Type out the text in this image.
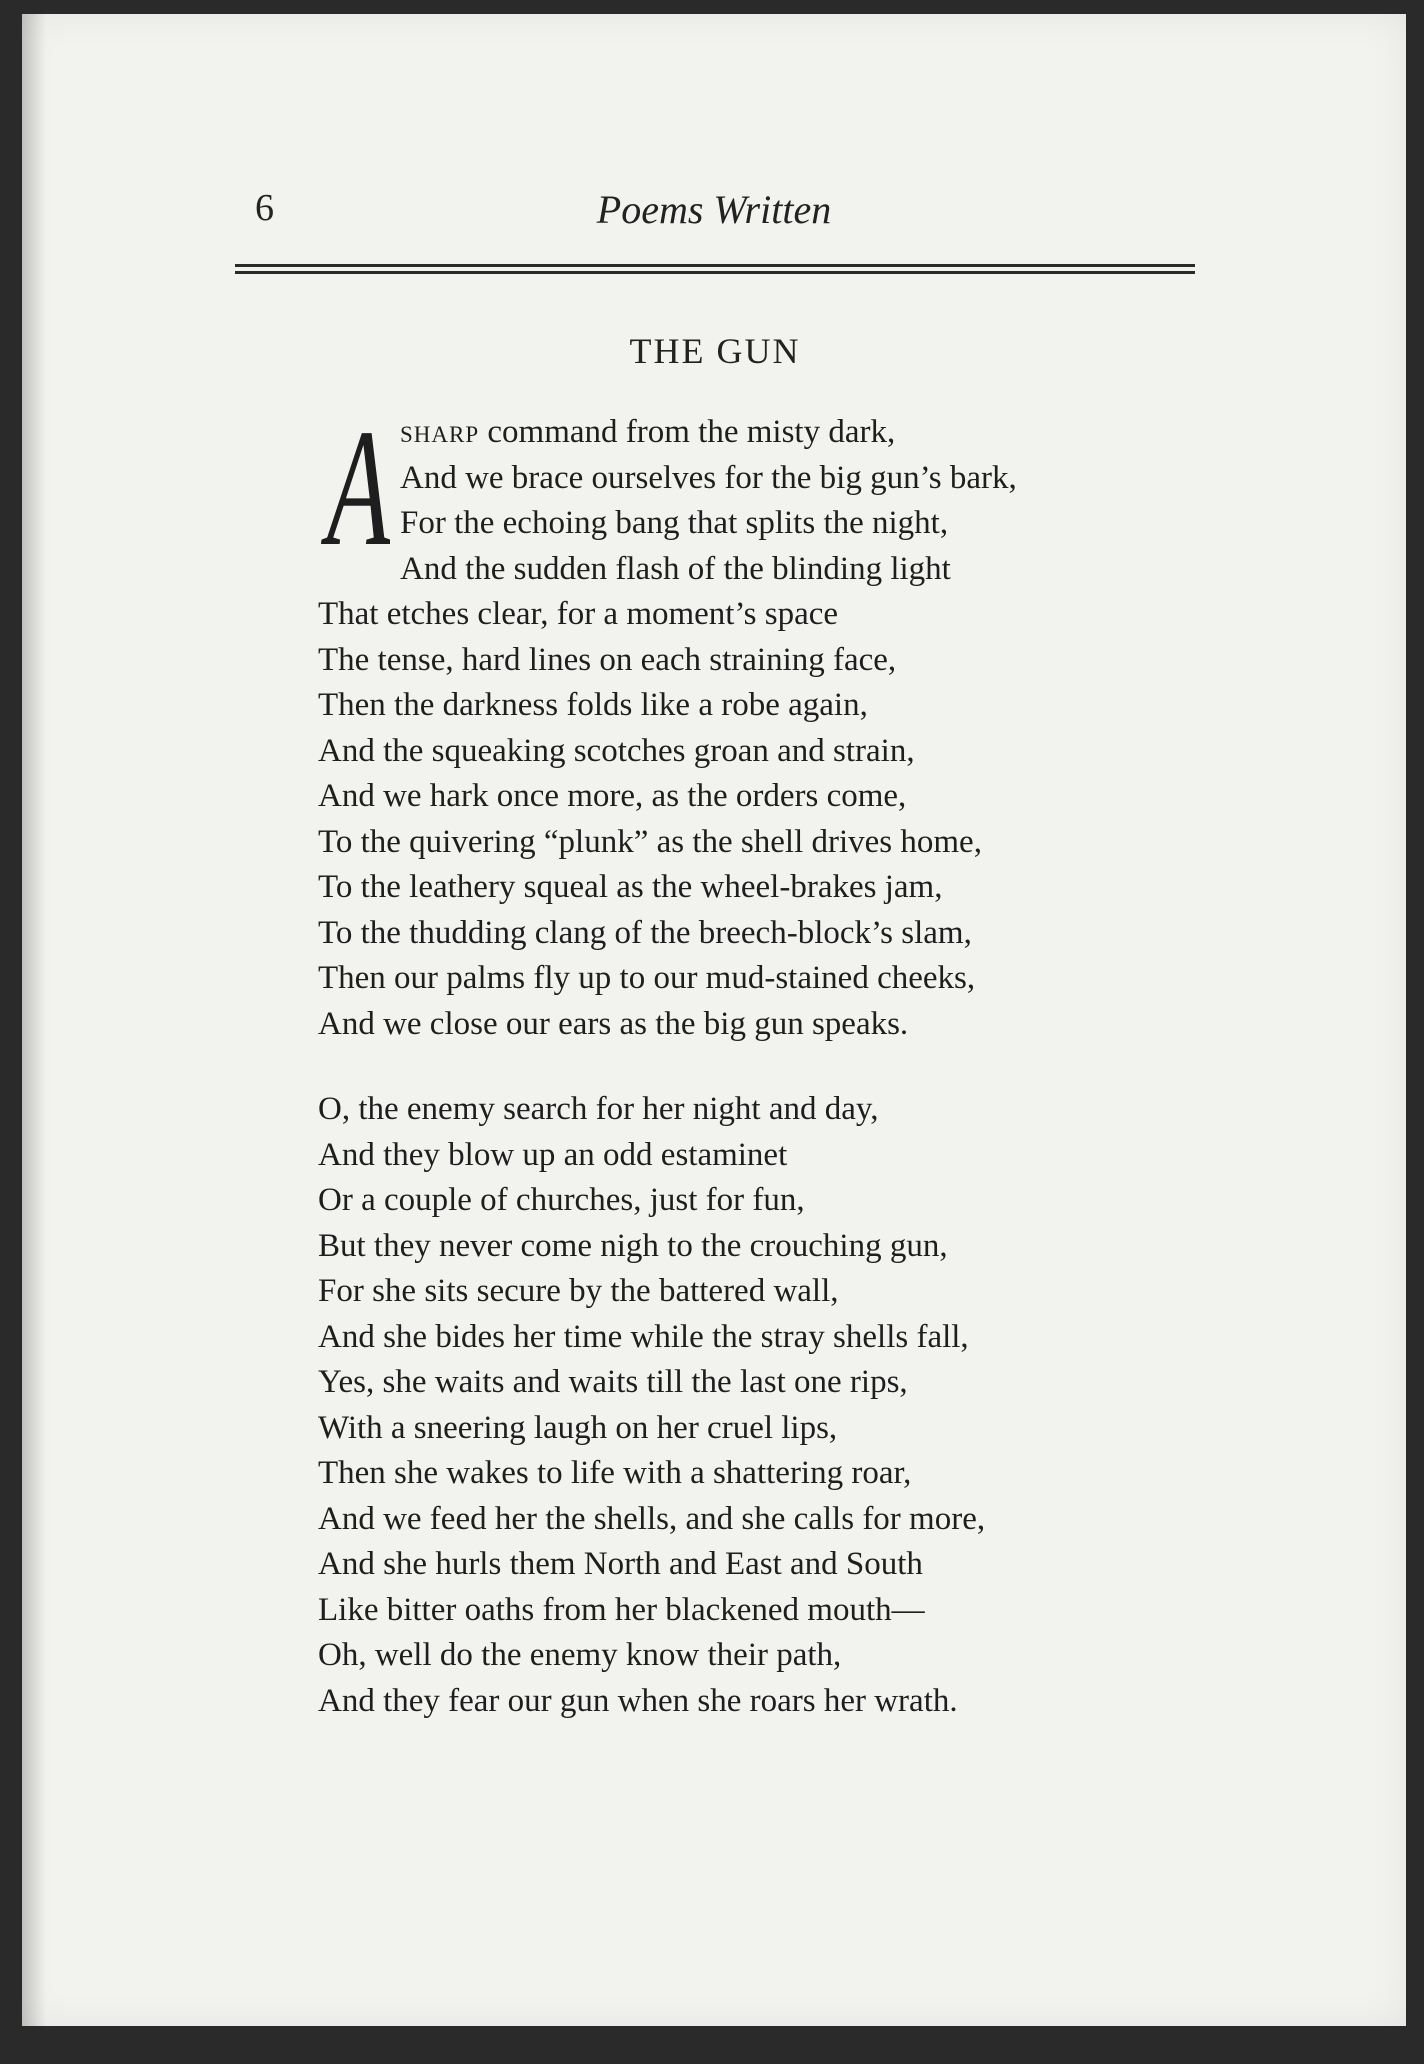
6	Poems Written
THE GUN
A sharp command from the misty dark,
And we brace ourselves for the big gun’s bark,
For the echoing bang that splits the night,
And the sudden flash of the blinding light
That etches clear, for a moment’s space
The tense, hard lines on each straining face,
Then the darkness folds like a robe again,
And the squeaking scotches groan and strain,
And we hark once more, as the orders come,
To the quivering “plunk” as the shell drives home,
To the leathery squeal as the wheel-brakes jam,
To the thudding clang of the breech-block’s slam,
Then our palms fly up to our mud-stained cheeks,
And we close our ears as the big gun speaks.
O, the enemy search for her night and day,
And they blow up an odd estaminet
Or a couple of churches, just for fun,
But they never come nigh to the crouching gun,
For she sits secure by the battered wall,
And she bides her time while the stray shells fall,
Yes, she waits and waits till the last one rips,
With a sneering laugh on her cruel lips,
Then she wakes to life with a shattering roar,
And we feed her the shells, and she calls for more,
And she hurls them North and East and South
Like bitter oaths from her blackened mouth—
Oh, well do the enemy know their path,
And they fear our gun when she roars her wrath.
